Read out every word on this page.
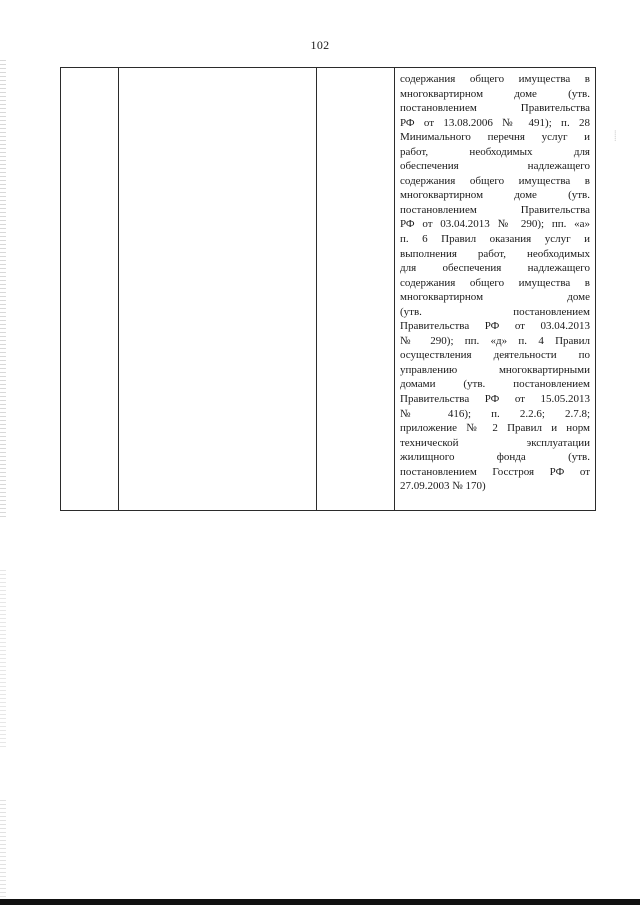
102
содержания общего имущества в
многоквартирном доме (утв.
постановлением Правительства
РФ от 13.08.2006 № 491); п. 28
Минимального перечня услуг и
работ, необходимых для
обеспечения надлежащего
содержания общего имущества в
многоквартирном доме (утв.
постановлением Правительства
РФ от 03.04.2013 № 290); пп. «а»
п. 6 Правил оказания услуг и
выполнения работ, необходимых
для обеспечения надлежащего
содержания общего имущества в
многоквартирном доме
(утв. постановлением
Правительства РФ от 03.04.2013
№ 290); пп. «д» п. 4 Правил
осуществления деятельности по
управлению многоквартирными
домами (утв. постановлением
Правительства РФ от 15.05.2013
№ 416); п. 2.2.6; 2.7.8;
приложение № 2 Правил и норм
технической эксплуатации
жилищного фонда (утв.
постановлением Госстроя РФ от
27.09.2003 № 170)
⸽
